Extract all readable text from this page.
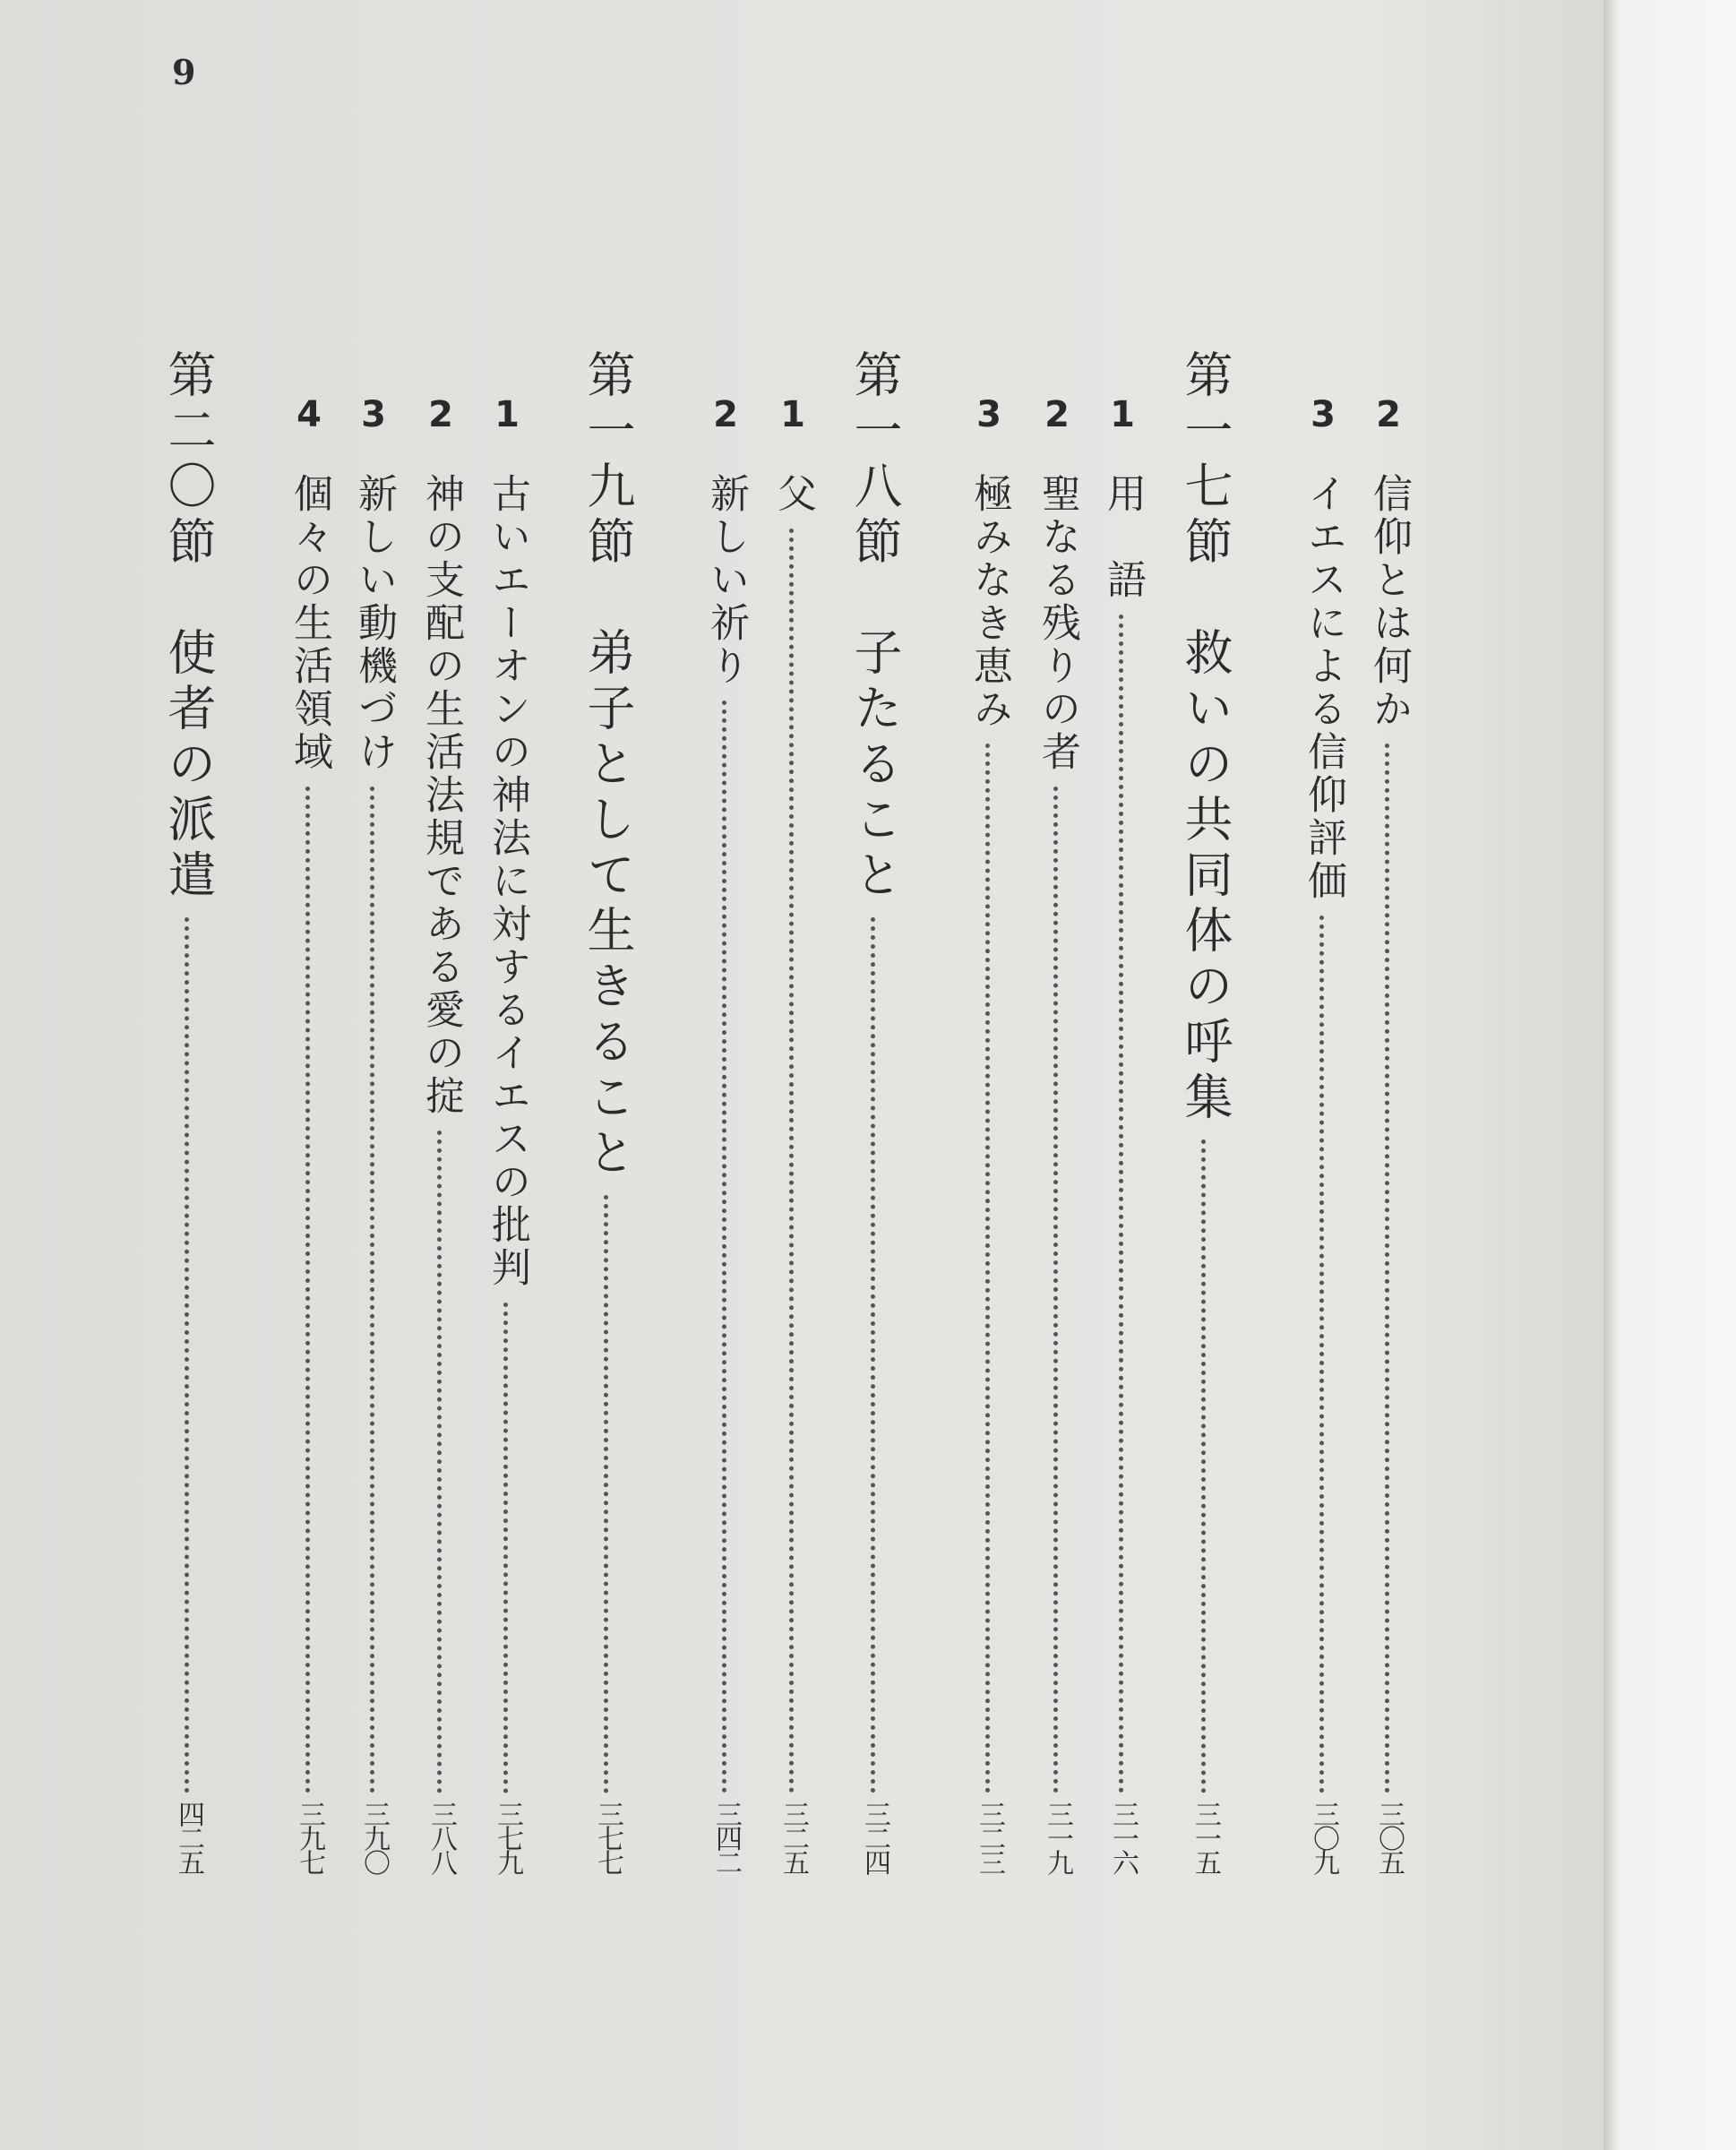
9
2
信仰とは何か
三〇五
3
イエスによる信仰評価
三〇九
第一七節　救いの共同体の呼集
三一五
1
用　語
三一六
2
聖なる残りの者
三一九
3
極みなき恵み
三二三
第一八節　子たること
三二四
1
父
三二五
2
新しい祈り
三四二
第一九節　弟子として生きること
三七七
1
古いエーオンの神法に対するイエスの批判
三七九
2
神の支配の生活法規である愛の掟
三八八
3
新しい動機づけ
三九〇
4
個々の生活領域
三九七
第二〇節　使者の派遣
四二五
